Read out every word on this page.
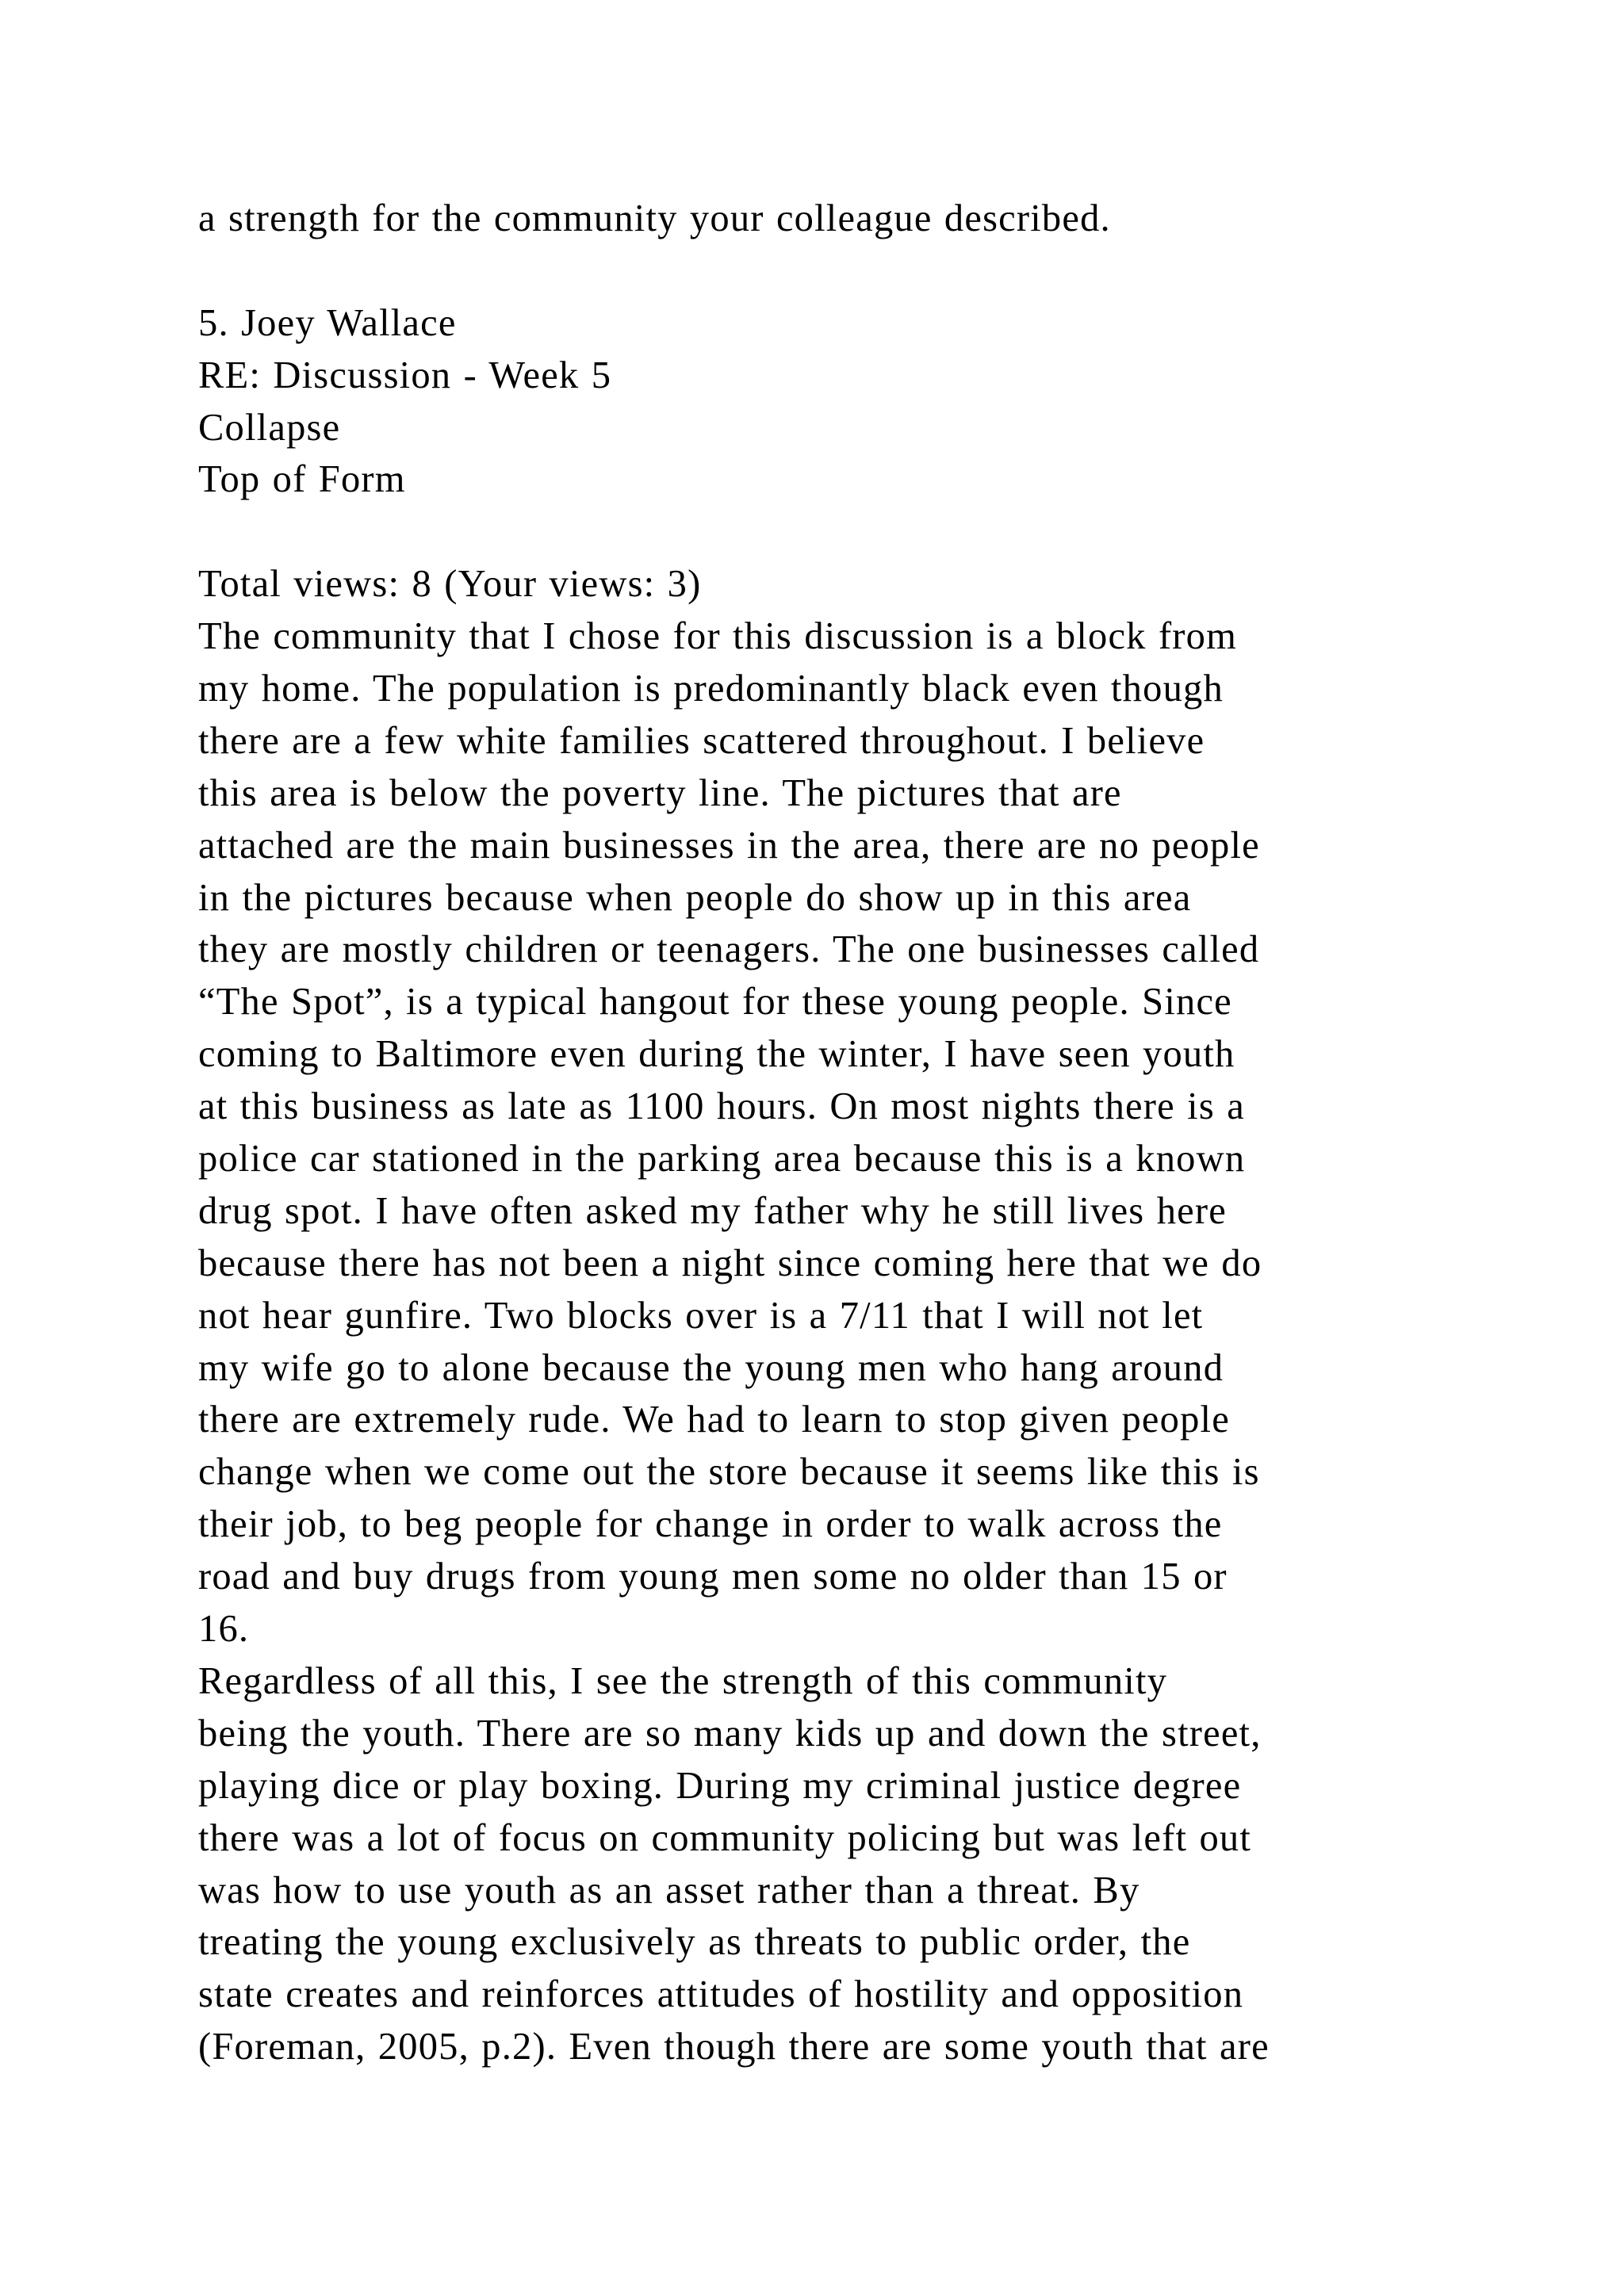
a strength for the community your colleague described.
5. Joey Wallace
RE: Discussion - Week 5
Collapse
Top of Form
Total views: 8 (Your views: 3)
The community that I chose for this discussion is a block from
my home. The population is predominantly black even though
there are a few white families scattered throughout. I believe
this area is below the poverty line. The pictures that are
attached are the main businesses in the area, there are no people
in the pictures because when people do show up in this area
they are mostly children or teenagers. The one businesses called
“The Spot”, is a typical hangout for these young people. Since
coming to Baltimore even during the winter, I have seen youth
at this business as late as 1100 hours. On most nights there is a
police car stationed in the parking area because this is a known
drug spot. I have often asked my father why he still lives here
because there has not been a night since coming here that we do
not hear gunfire. Two blocks over is a 7/11 that I will not let
my wife go to alone because the young men who hang around
there are extremely rude. We had to learn to stop given people
change when we come out the store because it seems like this is
their job, to beg people for change in order to walk across the
road and buy drugs from young men some no older than 15 or
16.
Regardless of all this, I see the strength of this community
being the youth. There are so many kids up and down the street,
playing dice or play boxing. During my criminal justice degree
there was a lot of focus on community policing but was left out
was how to use youth as an asset rather than a threat. By
treating the young exclusively as threats to public order, the
state creates and reinforces attitudes of hostility and opposition
(Foreman, 2005, p.2). Even though there are some youth that are
